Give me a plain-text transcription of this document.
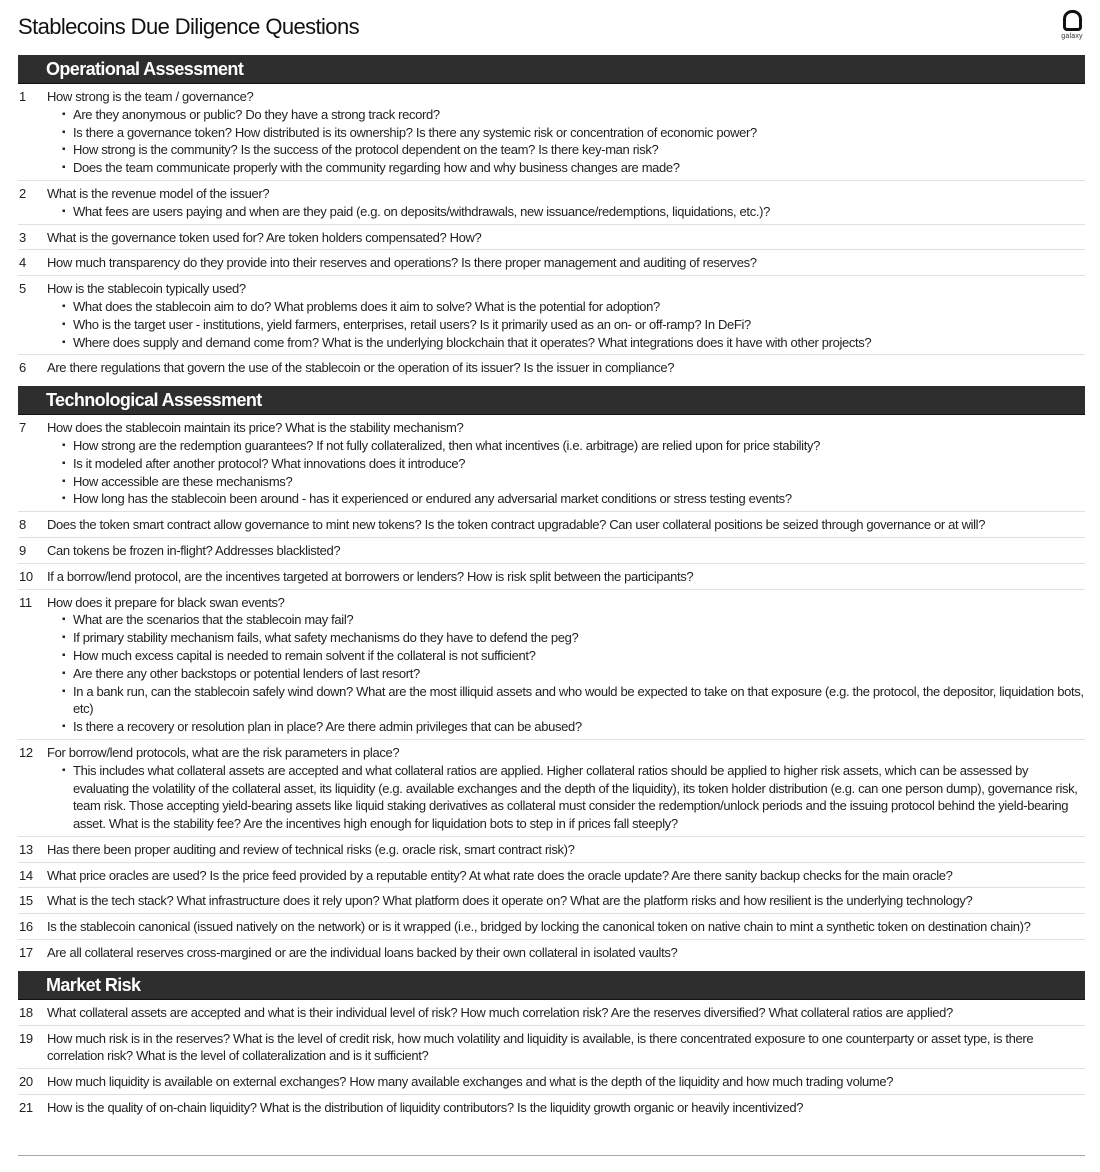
Stablecoins Due Diligence Questions	galaxy
Operational Assessment
1	How strong is the team / governance?
▪ Are they anonymous or public? Do they have a strong track record?
▪ Is there a governance token? How distributed is its ownership? Is there any systemic risk or concentration of economic power?
▪ How strong is the community? Is the success of the protocol dependent on the team? Is there key-man risk?
▪ Does the team communicate properly with the community regarding how and why business changes are made?
2	What is the revenue model of the issuer?
▪ What fees are users paying and when are they paid (e.g. on deposits/withdrawals, new issuance/redemptions, liquidations, etc.)?
3	What is the governance token used for? Are token holders compensated? How?
4	How much transparency do they provide into their reserves and operations? Is there proper management and auditing of reserves?
5	How is the stablecoin typically used?
▪ What does the stablecoin aim to do? What problems does it aim to solve? What is the potential for adoption?
▪ Who is the target user - institutions, yield farmers, enterprises, retail users? Is it primarily used as an on- or off-ramp? In DeFi?
▪ Where does supply and demand come from? What is the underlying blockchain that it operates? What integrations does it have with other projects?
6	Are there regulations that govern the use of the stablecoin or the operation of its issuer? Is the issuer in compliance?
Technological Assessment
7	How does the stablecoin maintain its price? What is the stability mechanism?
▪ How strong are the redemption guarantees? If not fully collateralized, then what incentives (i.e. arbitrage) are relied upon for price stability?
▪ Is it modeled after another protocol? What innovations does it introduce?
▪ How accessible are these mechanisms?
▪ How long has the stablecoin been around - has it experienced or endured any adversarial market conditions or stress testing events?
8	Does the token smart contract allow governance to mint new tokens? Is the token contract upgradable? Can user collateral positions be seized through governance or at will?
9	Can tokens be frozen in-flight? Addresses blacklisted?
10	If a borrow/lend protocol, are the incentives targeted at borrowers or lenders? How is risk split between the participants?
11	How does it prepare for black swan events?
▪ What are the scenarios that the stablecoin may fail?
▪ If primary stability mechanism fails, what safety mechanisms do they have to defend the peg?
▪ How much excess capital is needed to remain solvent if the collateral is not sufficient?
▪ Are there any other backstops or potential lenders of last resort?
▪ In a bank run, can the stablecoin safely wind down? What are the most illiquid assets and who would be expected to take on that exposure (e.g. the protocol, the depositor, liquidation bots, etc)
▪ Is there a recovery or resolution plan in place? Are there admin privileges that can be abused?
12	For borrow/lend protocols, what are the risk parameters in place?
▪ This includes what collateral assets are accepted and what collateral ratios are applied. Higher collateral ratios should be applied to higher risk assets, which can be assessed by evaluating the volatility of the collateral asset, its liquidity (e.g. available exchanges and the depth of the liquidity), its token holder distribution (e.g. can one person dump), governance risk, team risk. Those accepting yield-bearing assets like liquid staking derivatives as collateral must consider the redemption/unlock periods and the issuing protocol behind the yield-bearing asset. What is the stability fee? Are the incentives high enough for liquidation bots to step in if prices fall steeply?
13	Has there been proper auditing and review of technical risks (e.g. oracle risk, smart contract risk)?
14	What price oracles are used? Is the price feed provided by a reputable entity? At what rate does the oracle update? Are there sanity backup checks for the main oracle?
15	What is the tech stack? What infrastructure does it rely upon? What platform does it operate on? What are the platform risks and how resilient is the underlying technology?
16	Is the stablecoin canonical (issued natively on the network) or is it wrapped (i.e., bridged by locking the canonical token on native chain to mint a synthetic token on destination chain)?
17	Are all collateral reserves cross-margined or are the individual loans backed by their own collateral in isolated vaults?
Market Risk
18	What collateral assets are accepted and what is their individual level of risk? How much correlation risk? Are the reserves diversified? What collateral ratios are applied?
19	How much risk is in the reserves? What is the level of credit risk, how much volatility and liquidity is available, is there concentrated exposure to one counterparty or asset type, is there correlation risk? What is the level of collateralization and is it sufficient?
20	How much liquidity is available on external exchanges? How many available exchanges and what is the depth of the liquidity and how much trading volume?
21	How is the quality of on-chain liquidity? What is the distribution of liquidity contributors? Is the liquidity growth organic or heavily incentivized?
